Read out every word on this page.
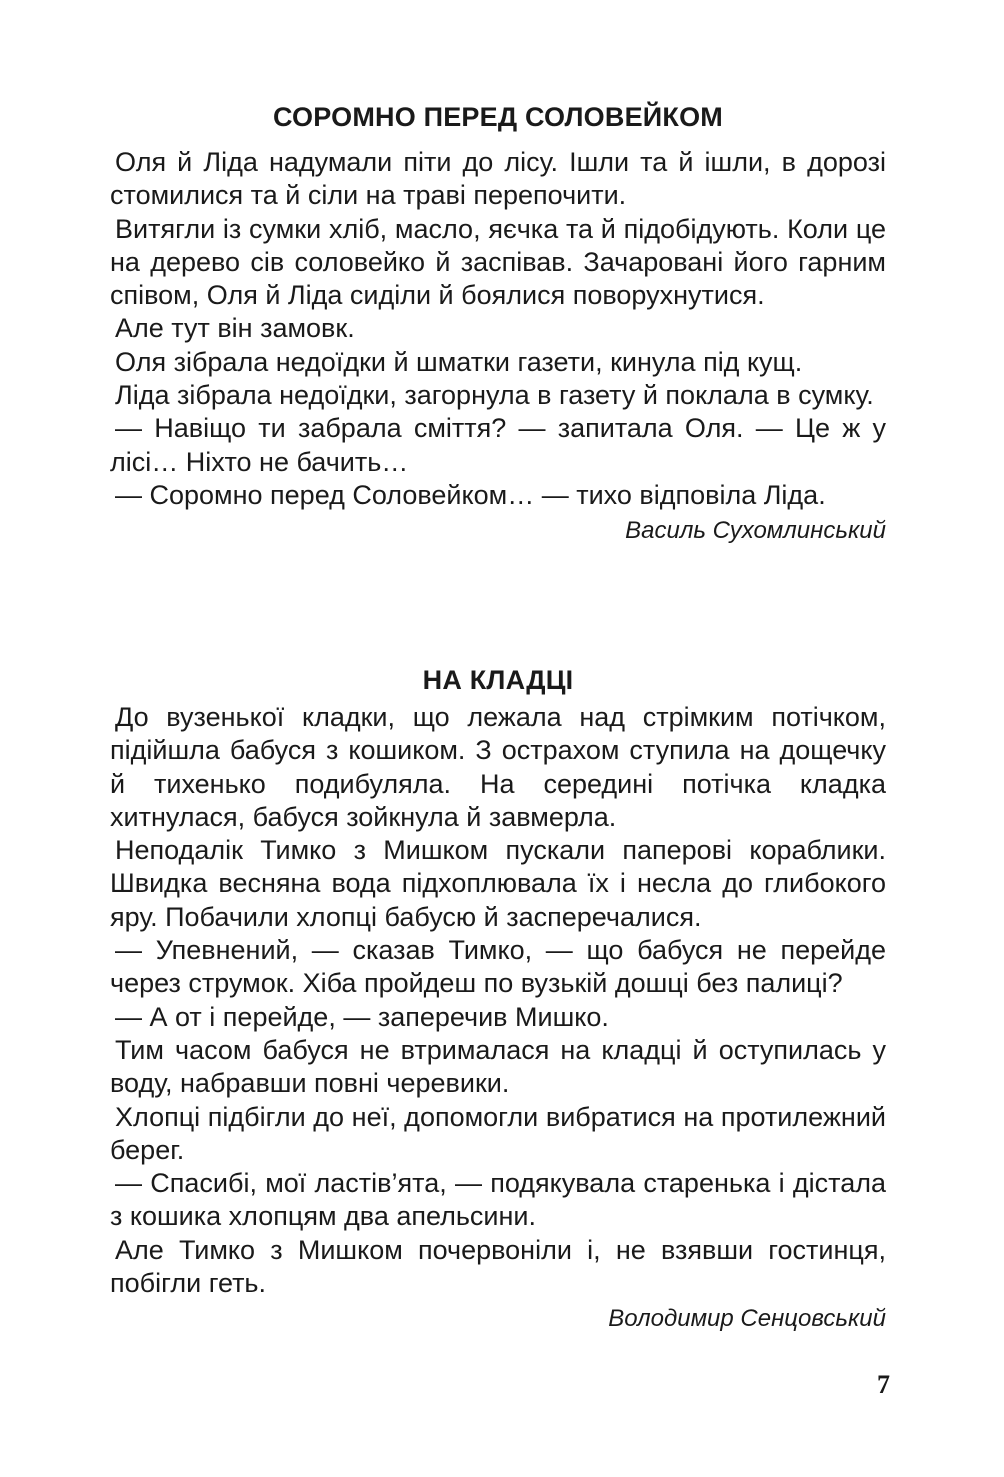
СОРОМНО ПЕРЕД СОЛОВЕЙКОМ

Оля й Ліда надумали піти до лісу. Ішли та й ішли, в дорозі стомилися та й сіли на траві перепочити.

Витягли із сумки хліб, масло, яєчка та й підобідують. Коли це на дерево сів соловейко й заспівав. Зачаровані його гарним співом, Оля й Ліда сиділи й боялися поворухнутися.

Але тут він замовк.

Оля зібрала недоїдки й шматки газети, кинула під кущ.

Ліда зібрала недоїдки, загорнула в газету й поклала в сумку.

— Навіщо ти забрала сміття? — запитала Оля. — Це ж у лісі… Ніхто не бачить…

— Соромно перед Соловейком… — тихо відповіла Ліда.

Василь Сухомлинський

НА КЛАДЦІ

До вузенької кладки, що лежала над стрімким потічком, підійшла бабуся з кошиком. З острахом ступила на дощечку й тихенько подибуляла. На середині потічка кладка хитнулася, бабуся зойкнула й завмерла.

Неподалік Тимко з Мишком пускали паперові кораблики. Швидка весняна вода підхоплювала їх і несла до глибокого яру. Побачили хлопці бабусю й засперечалися.

— Упевнений, — сказав Тимко, — що бабуся не перейде через струмок. Хіба пройдеш по вузькій дошці без палиці?

— А от і перейде, — заперечив Мишко.

Тим часом бабуся не втрималася на кладці й оступилась у воду, набравши повні черевики.

Хлопці підбігли до неї, допомогли вибратися на протилежний берег.

— Спасибі, мої ластів’ята, — подякувала старенька і дістала з кошика хлопцям два апельсини.

Але Тимко з Мишком почервоніли і, не взявши гостинця, побігли геть.

Володимир Сенцовський

7
